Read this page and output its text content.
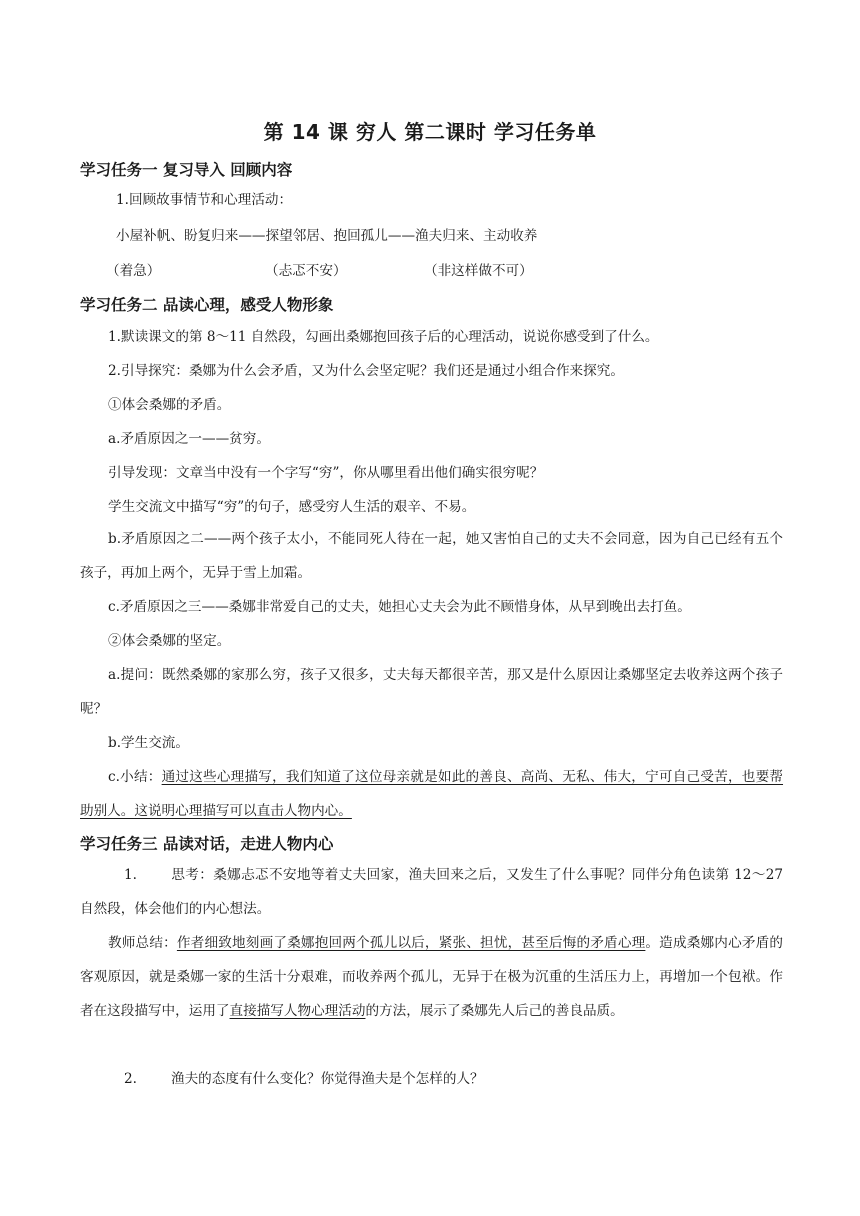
第 14 课 穷人 第二课时 学习任务单
学习任务一 复习导入 回顾内容
1.回顾故事情节和心理活动：
小屋补帆、盼复归来——探望邻居、抱回孤儿——渔夫归来、主动收养
（着急）	（忐忑不安）	（非这样做不可）
学习任务二 品读心理，感受人物形象
1.默读课文的第 8～11 自然段，勾画出桑娜抱回孩子后的心理活动，说说你感受到了什么。
2.引导探究：桑娜为什么会矛盾，又为什么会坚定呢？我们还是通过小组合作来探究。
①体会桑娜的矛盾。
a.矛盾原因之一——贫穷。
引导发现：文章当中没有一个字写“穷”，你从哪里看出他们确实很穷呢？
学生交流文中描写“穷”的句子，感受穷人生活的艰辛、不易。
b.矛盾原因之二——两个孩子太小，不能同死人待在一起，她又害怕自己的丈夫不会同意，因为自己已经有五个孩子，再加上两个，无异于雪上加霜。
c.矛盾原因之三——桑娜非常爱自己的丈夫，她担心丈夫会为此不顾惜身体，从早到晚出去打鱼。
②体会桑娜的坚定。
a.提问：既然桑娜的家那么穷，孩子又很多，丈夫每天都很辛苦，那又是什么原因让桑娜坚定去收养这两个孩子呢？
b.学生交流。
c.小结：通过这些心理描写，我们知道了这位母亲就是如此的善良、高尚、无私、伟大，宁可自己受苦，也要帮助别人。这说明心理描写可以直击人物内心。
学习任务三 品读对话，走进人物内心
1.	思考：桑娜忐忑不安地等着丈夫回家，渔夫回来之后，又发生了什么事呢？同伴分角色读第 12～27 自然段，体会他们的内心想法。
教师总结：作者细致地刻画了桑娜抱回两个孤儿以后，紧张、担忧，甚至后悔的矛盾心理。造成桑娜内心矛盾的客观原因，就是桑娜一家的生活十分艰难，而收养两个孤儿，无异于在极为沉重的生活压力上，再增加一个包袱。作者在这段描写中，运用了直接描写人物心理活动的方法，展示了桑娜先人后己的善良品质。
2.	渔夫的态度有什么变化？你觉得渔夫是个怎样的人？
